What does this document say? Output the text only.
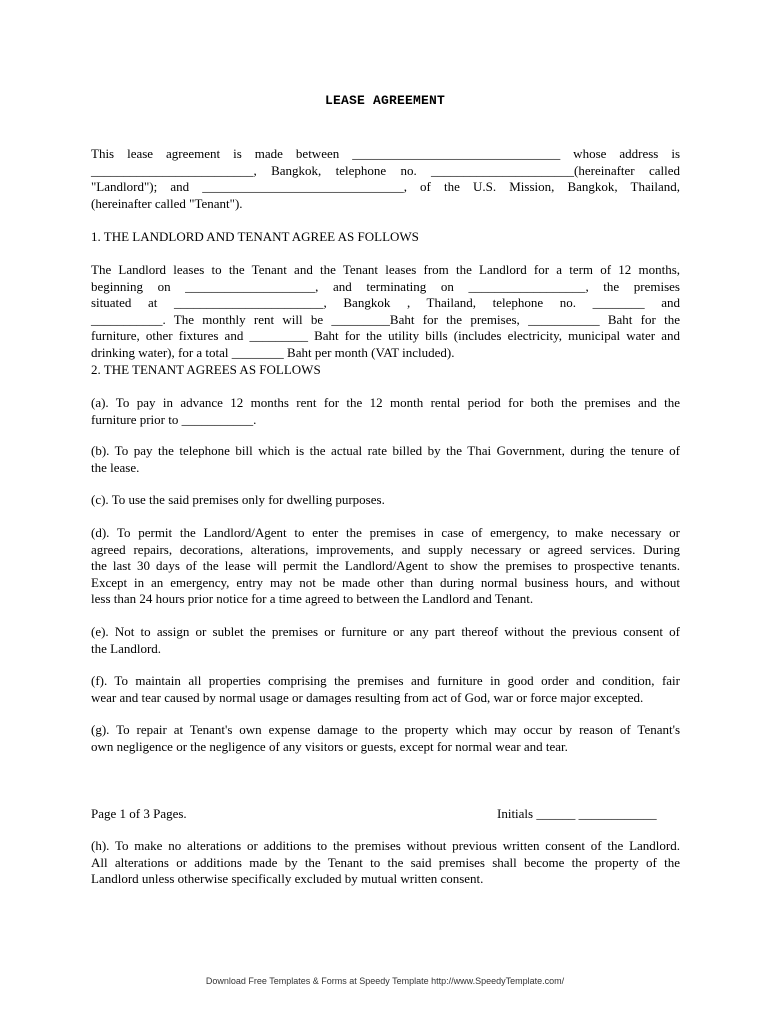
LEASE AGREEMENT
This lease agreement is made between ________________________________ whose address is
_________________________, Bangkok, telephone no. ______________________(hereinafter called
"Landlord"); and _______________________________, of the U.S. Mission, Bangkok, Thailand,
(hereinafter called "Tenant").
1. THE LANDLORD AND TENANT AGREE AS FOLLOWS
The Landlord leases to the Tenant and the Tenant leases from the Landlord for a term of 12 months,
beginning on ____________________, and terminating on __________________, the premises
situated at _______________________, Bangkok , Thailand, telephone no. ________ and
___________. The monthly rent will be _________Baht for the premises, ___________ Baht for the
furniture, other fixtures and _________ Baht for the utility bills (includes electricity, municipal water and
drinking water), for a total ________ Baht per month (VAT included).
2. THE TENANT AGREES AS FOLLOWS
(a). To pay in advance 12 months rent for the 12 month rental period for both the premises and the
furniture prior to ___________.
(b). To pay the telephone bill which is the actual rate billed by the Thai Government, during the tenure of
the lease.
(c). To use the said premises only for dwelling purposes.
(d). To permit the Landlord/Agent to enter the premises in case of emergency, to make necessary or
agreed repairs, decorations, alterations, improvements, and supply necessary or agreed services. During
the last 30 days of the lease will permit the Landlord/Agent to show the premises to prospective tenants.
Except in an emergency, entry may not be made other than during normal business hours, and without
less than 24 hours prior notice for a time agreed to between the Landlord and Tenant.
(e). Not to assign or sublet the premises or furniture or any part thereof without the previous consent of
the Landlord.
(f). To maintain all properties comprising the premises and furniture in good order and condition, fair
wear and tear caused by normal usage or damages resulting from act of God, war or force major excepted.
(g). To repair at Tenant's own expense damage to the property which may occur by reason of Tenant's
own negligence or the negligence of any visitors or guests, except for normal wear and tear.
Page 1 of 3 Pages.	Initials ______ ____________
(h). To make no alterations or additions to the premises without previous written consent of the Landlord.
All alterations or additions made by the Tenant to the said premises shall become the property of the
Landlord unless otherwise specifically excluded by mutual written consent.
Download Free Templates & Forms at Speedy Template http://www.SpeedyTemplate.com/
